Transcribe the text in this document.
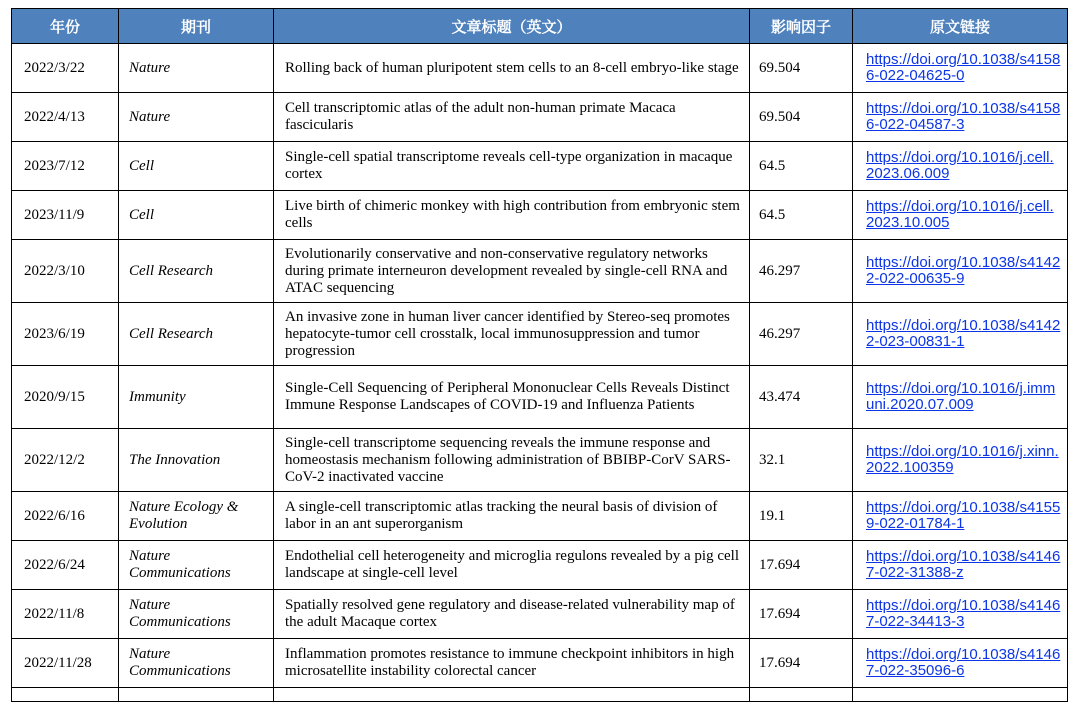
年份	期刊	文章标题（英文）	影响因子	原文链接
2022/3/22	Nature	Rolling back of human pluripotent stem cells to an 8-cell embryo-like stage	69.504	https://doi.org/10.1038/s41586-022-04625-0

2022/4/13	Nature	Cell transcriptomic atlas of the adult non-human primate Macaca fascicularis	69.504	https://doi.org/10.1038/s41586-022-04587-3

2023/7/12	Cell	Single-cell spatial transcriptome reveals cell-type organization in macaque cortex	64.5	https://doi.org/10.1016/j.cell.2023.06.009

2023/11/9	Cell	Live birth of chimeric monkey with high contribution from embryonic stem cells	64.5	https://doi.org/10.1016/j.cell.2023.10.005

2022/3/10	Cell Research	Evolutionarily conservative and non-conservative regulatory networks during primate interneuron development revealed by single-cell RNA and ATAC sequencing	46.297	https://doi.org/10.1038/s41422-022-00635-9

2023/6/19	Cell Research	An invasive zone in human liver cancer identified by Stereo-seq promotes hepatocyte-tumor cell crosstalk, local immunosuppression and tumor progression	46.297	https://doi.org/10.1038/s41422-023-00831-1

2020/9/15	Immunity	Single-Cell Sequencing of Peripheral Mononuclear Cells Reveals Distinct Immune Response Landscapes of COVID-19 and Influenza Patients	43.474	https://doi.org/10.1016/j.immuni.2020.07.009

2022/12/2	The Innovation	Single-cell transcriptome sequencing reveals the immune response and homeostasis mechanism following administration of BBIBP-CorV SARS-CoV-2 inactivated vaccine	32.1	https://doi.org/10.1016/j.xinn.2022.100359

2022/6/16	Nature Ecology & Evolution	A single-cell transcriptomic atlas tracking the neural basis of division of labor in an ant superorganism	19.1	https://doi.org/10.1038/s41559-022-01784-1

2022/6/24	Nature Communications	Endothelial cell heterogeneity and microglia regulons revealed by a pig cell landscape at single-cell level	17.694	https://doi.org/10.1038/s41467-022-31388-z

2022/11/8	Nature Communications	Spatially resolved gene regulatory and disease-related vulnerability map of the adult Macaque cortex	17.694	https://doi.org/10.1038/s41467-022-34413-3

2022/11/28	Nature Communications	Inflammation promotes resistance to immune checkpoint inhibitors in high microsatellite instability colorectal cancer	17.694	https://doi.org/10.1038/s41467-022-35096-6
